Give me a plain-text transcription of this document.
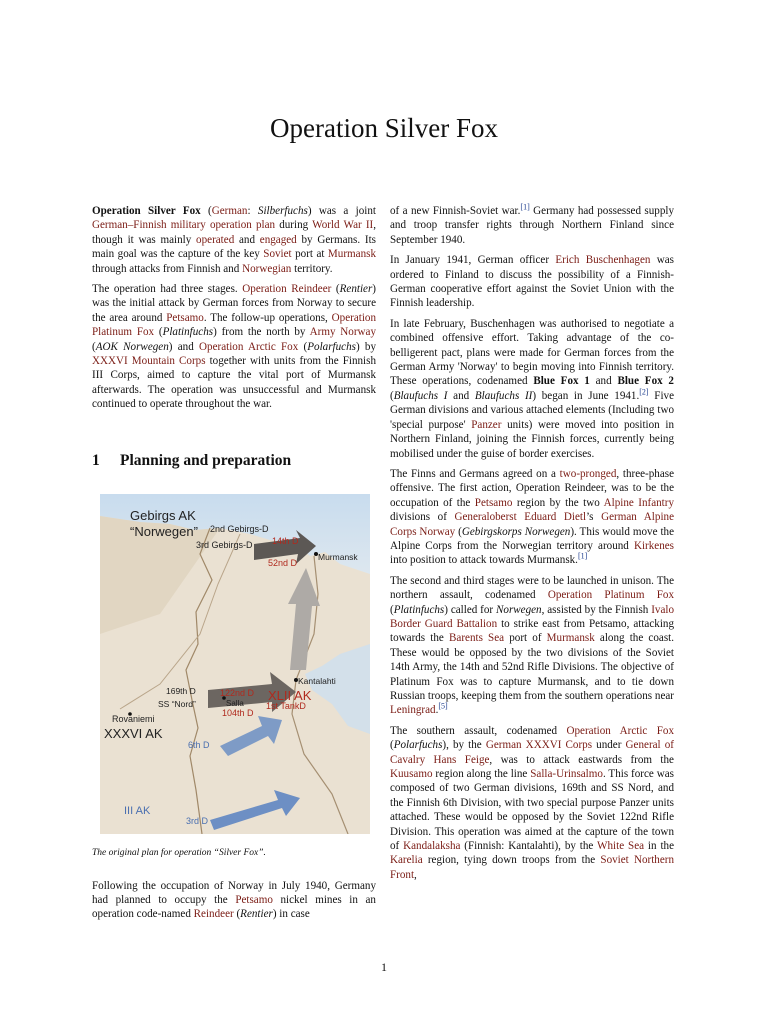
Operation Silver Fox

Operation Silver Fox (German: Silberfuchs) was a joint German–Finnish military operation plan during World War II, though it was mainly operated and engaged by Germans. Its main goal was the capture of the key Soviet port at Murmansk through attacks from Finnish and Norwegian territory.

The operation had three stages. Operation Reindeer (Rentier) was the initial attack by German forces from Norway to secure the area around Petsamo. The follow-up operations, Operation Platinum Fox (Platinfuchs) from the north by Army Norway (AOK Norwegen) and Operation Arctic Fox (Polarfuchs) by XXXVI Mountain Corps together with units from the Finnish III Corps, aimed to capture the vital port of Murmansk afterwards. The operation was unsuccessful and Murmansk continued to operate throughout the war.

1 Planning and preparation
Gebirgs AK
“Norwegen” 2nd Gebirgs-D
3rd Gebirgs-D 14th D
52nd D
Murmansk
Kantalahti
169th D
SS “Nord”	Salla
122nd D XLII AK
104th D
1st TankD
Rovaniemi
XXXVI AK
6th D
III AK
3rd D
The original plan for operation “Silver Fox”.

Following the occupation of Norway in July 1940, Germany had planned to occupy the Petsamo nickel mines in an operation code-named Reindeer (Rentier) in case

of a new Finnish-Soviet war.[1] Germany had possessed supply and troop transfer rights through Northern Finland since September 1940.

In January 1941, German officer Erich Buschenhagen was ordered to Finland to discuss the possibility of a Finnish-German cooperative effort against the Soviet Union with the Finnish leadership.

In late February, Buschenhagen was authorised to negotiate a combined offensive effort. Taking advantage of the co-belligerent pact, plans were made for German forces from the German Army 'Norway' to begin moving into Finnish territory. These operations, codenamed Blue Fox 1 and Blue Fox 2 (Blaufuchs I and Blaufuchs II) began in June 1941.[2] Five German divisions and various attached elements (Including two 'special purpose' Panzer units) were moved into position in Northern Finland, joining the Finnish forces, currently being mobilised under the guise of border exercises.

The Finns and Germans agreed on a two-pronged, three-phase offensive. The first action, Operation Reindeer, was to be the occupation of the Petsamo region by the two Alpine Infantry divisions of Generaloberst Eduard Dietl’s German Alpine Corps Norway (Gebirgskorps Norwegen). This would move the Alpine Corps from the Norwegian territory around Kirkenes into position to attack towards Murmansk.[1]

The second and third stages were to be launched in unison. The northern assault, codenamed Operation Platinum Fox (Platinfuchs) called for Norwegen, assisted by the Finnish Ivalo Border Guard Battalion to strike east from Petsamo, attacking towards the Barents Sea port of Murmansk along the coast. These would be opposed by the two divisions of the Soviet 14th Army, the 14th and 52nd Rifle Divisions. The objective of Platinum Fox was to capture Murmansk, and to tie down Russian troops, keeping them from the southern operations near Leningrad.[5]

The southern assault, codenamed Operation Arctic Fox (Polarfuchs), by the German XXXVI Corps under General of Cavalry Hans Feige, was to attack eastwards from the Kuusamo region along the line Salla-Urinsalmo. This force was composed of two German divisions, 169th and SS Nord, and the Finnish 6th Division, with two special purpose Panzer units attached. These would be opposed by the Soviet 122nd Rifle Division. This operation was aimed at the capture of the town of Kandalaksha (Finnish: Kantalahti), by the White Sea in the Karelia region, tying down troops from the Soviet Northern Front,

1
